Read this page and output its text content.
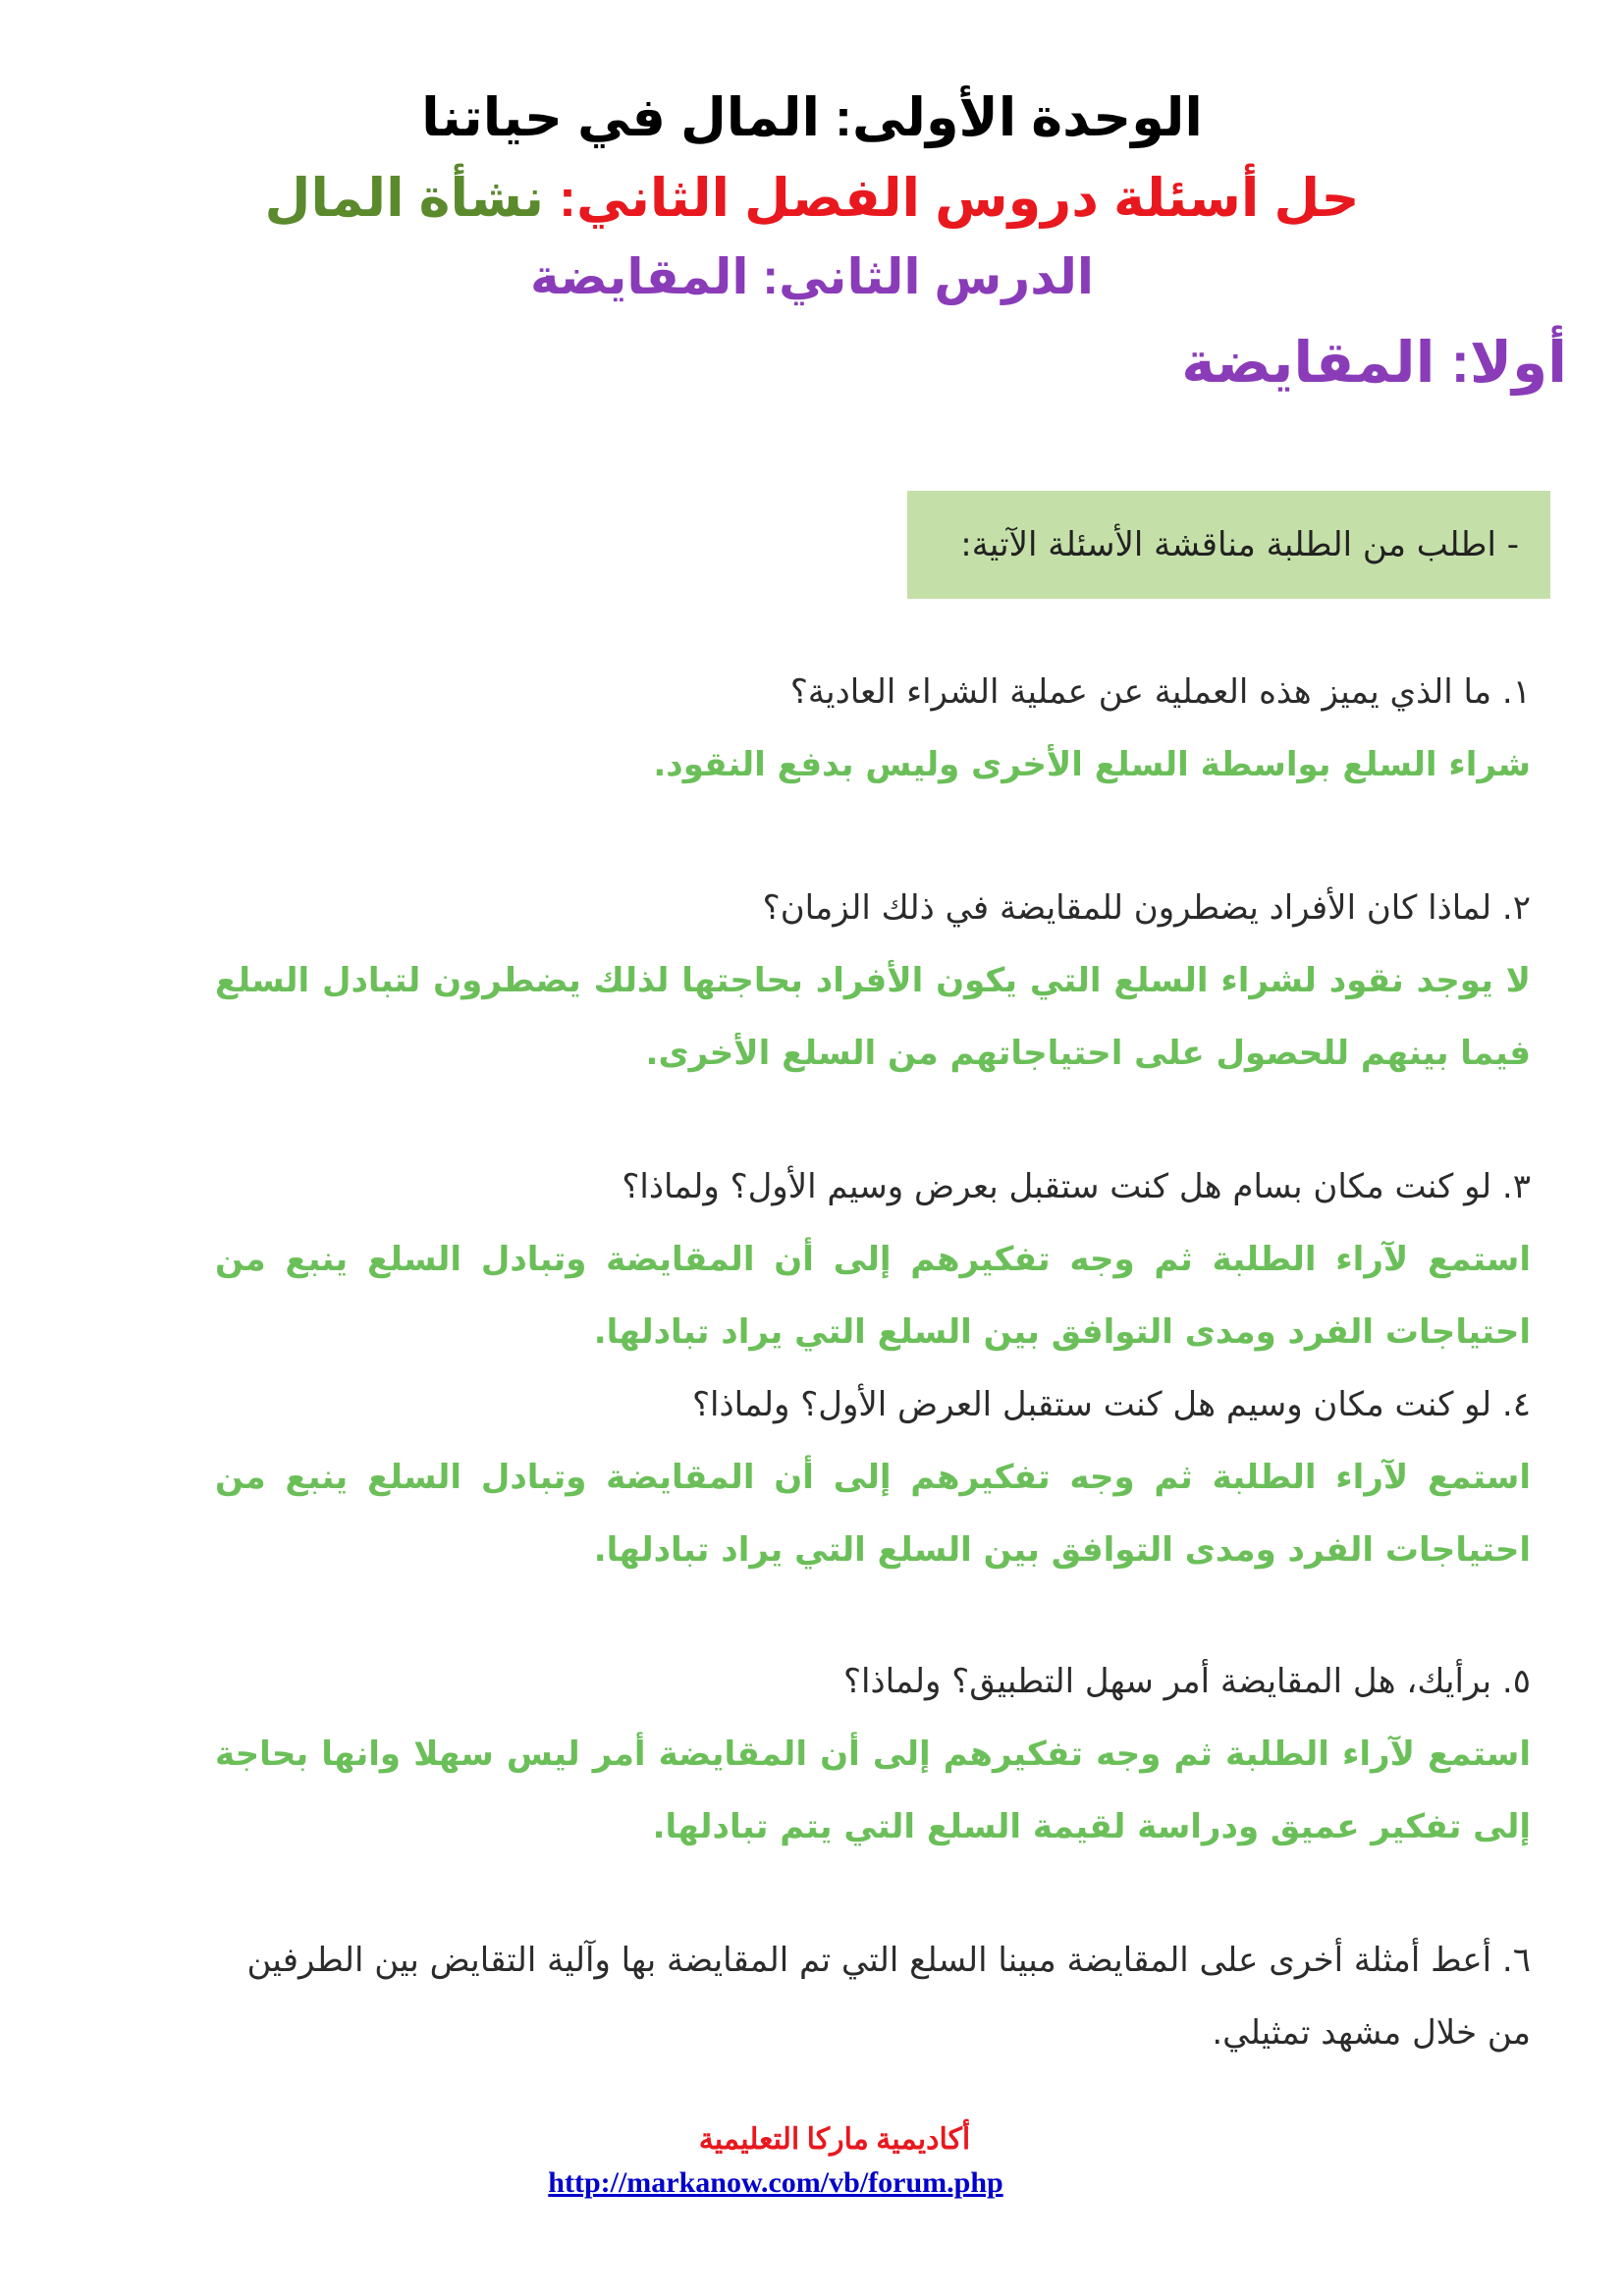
الوحدة الأولى: المال في حياتنا
حل أسئلة دروس الفصل الثاني: نشأة المال
الدرس الثاني: المقايضة
أولا: المقايضة
- اطلب من الطلبة مناقشة الأسئلة الآتية:
١. ما الذي يميز هذه العملية عن عملية الشراء العادية؟
شراء السلع بواسطة السلع الأخرى وليس بدفع النقود.
٢. لماذا كان الأفراد يضطرون للمقايضة في ذلك الزمان؟
لا يوجد نقود لشراء السلع التي يكون الأفراد بحاجتها لذلك يضطرون لتبادل السلع فيما بينهم للحصول على احتياجاتهم من السلع الأخرى.
٣. لو كنت مكان بسام هل كنت ستقبل بعرض وسيم الأول؟ ولماذا؟
استمع لآراء الطلبة ثم وجه تفكيرهم إلى أن المقايضة وتبادل السلع ينبع من احتياجات الفرد ومدى التوافق بين السلع التي يراد تبادلها.
٤. لو كنت مكان وسيم هل كنت ستقبل العرض الأول؟ ولماذا؟
استمع لآراء الطلبة ثم وجه تفكيرهم إلى أن المقايضة وتبادل السلع ينبع من احتياجات الفرد ومدى التوافق بين السلع التي يراد تبادلها.
٥. برأيك، هل المقايضة أمر سهل التطبيق؟ ولماذا؟
استمع لآراء الطلبة ثم وجه تفكيرهم إلى أن المقايضة أمر ليس سهلا وانها بحاجة إلى تفكير عميق ودراسة لقيمة السلع التي يتم تبادلها.
٦. أعط أمثلة أخرى على المقايضة مبينا السلع التي تم المقايضة بها وآلية التقايض بين الطرفين من خلال مشهد تمثيلي.
أكاديمية ماركا التعليمية
http://markanow.com/vb/forum.php
